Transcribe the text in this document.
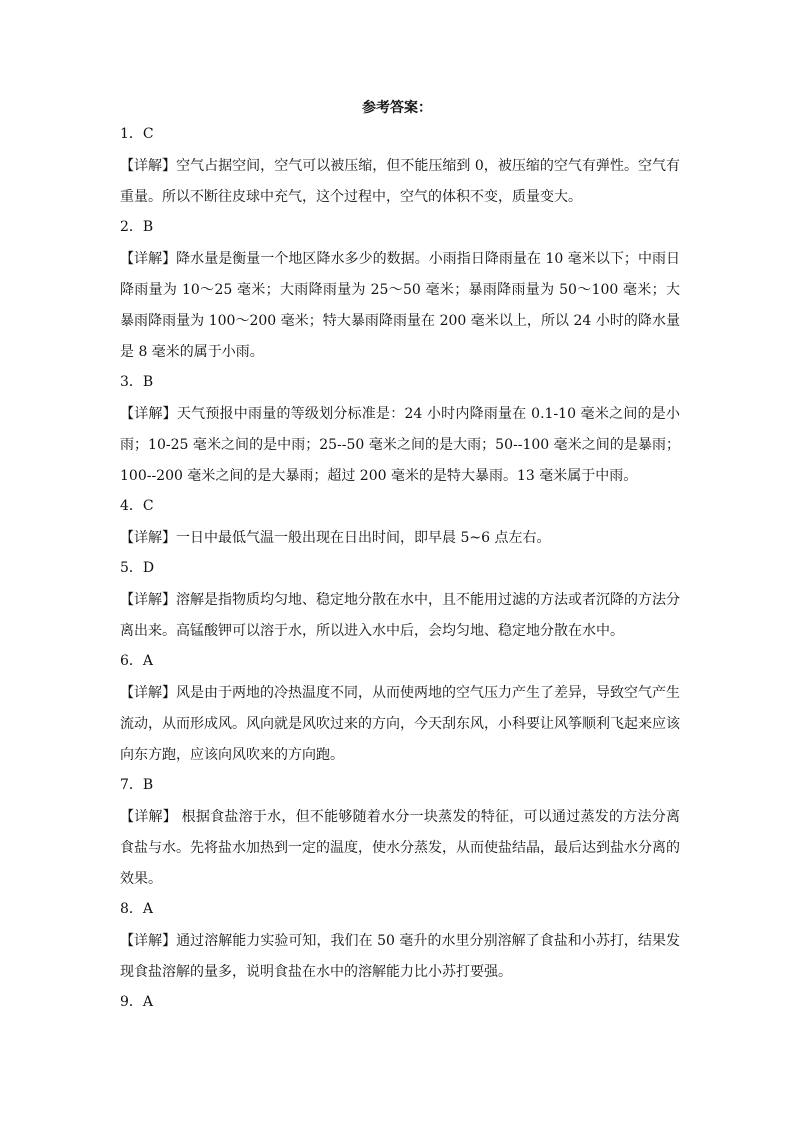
参考答案：
1．C
【详解】空气占据空间，空气可以被压缩，但不能压缩到 0，被压缩的空气有弹性。空气有重量。所以不断往皮球中充气，这个过程中，空气的体积不变，质量变大。
2．B
【详解】降水量是衡量一个地区降水多少的数据。小雨指日降雨量在 10 毫米以下；中雨日降雨量为 10～25 毫米；大雨降雨量为 25～50 毫米；暴雨降雨量为 50～100 毫米；大暴雨降雨量为 100～200 毫米；特大暴雨降雨量在 200 毫米以上，所以 24 小时的降水量是 8 毫米的属于小雨。
3．B
【详解】天气预报中雨量的等级划分标准是：24 小时内降雨量在 0.1-10 毫米之间的是小雨；10-25 毫米之间的是中雨；25--50 毫米之间的是大雨；50--100 毫米之间的是暴雨；100--200 毫米之间的是大暴雨；超过 200 毫米的是特大暴雨。13 毫米属于中雨。
4．C
【详解】一日中最低气温一般出现在日出时间，即早晨 5~6 点左右。
5．D
【详解】溶解是指物质均匀地、稳定地分散在水中，且不能用过滤的方法或者沉降的方法分离出来。高锰酸钾可以溶于水，所以进入水中后，会均匀地、稳定地分散在水中。
6．A
【详解】风是由于两地的冷热温度不同，从而使两地的空气压力产生了差异，导致空气产生流动，从而形成风。风向就是风吹过来的方向，今天刮东风，小科要让风筝顺利飞起来应该向东方跑，应该向风吹来的方向跑。
7．B
【详解】 根据食盐溶于水，但不能够随着水分一块蒸发的特征，可以通过蒸发的方法分离食盐与水。先将盐水加热到一定的温度，使水分蒸发，从而使盐结晶，最后达到盐水分离的效果。
8．A
【详解】通过溶解能力实验可知，我们在 50 毫升的水里分别溶解了食盐和小苏打，结果发现食盐溶解的量多，说明食盐在水中的溶解能力比小苏打要强。
9．A
